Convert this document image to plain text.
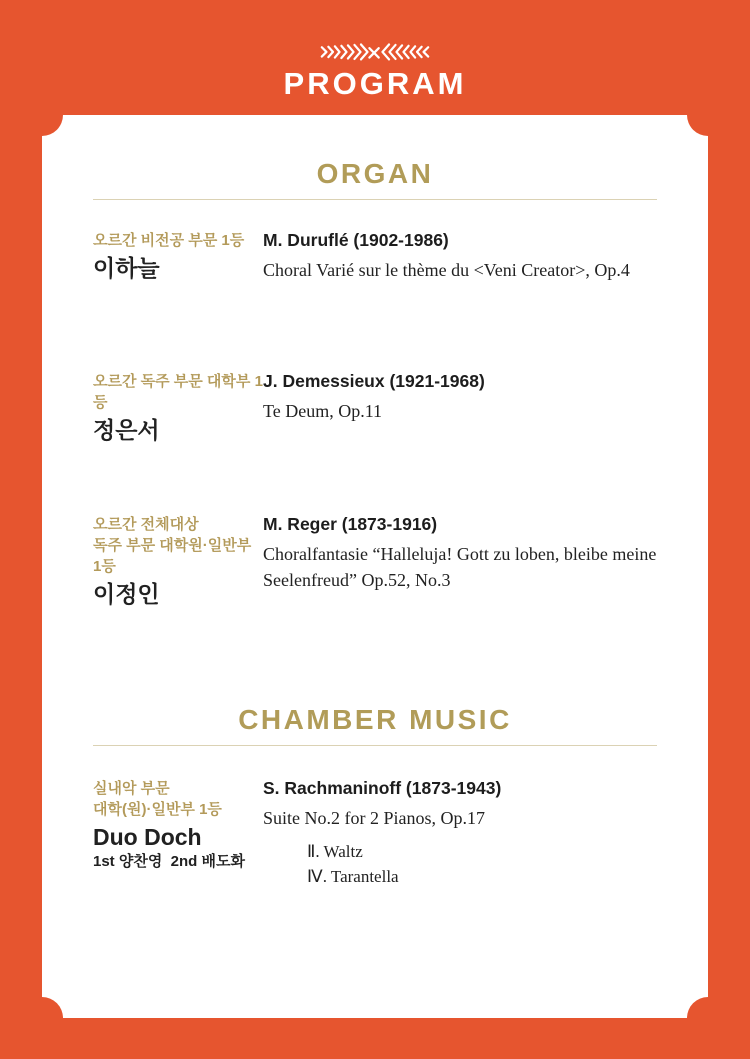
PROGRAM
ORGAN
오르간 비전공 부문 1등
이하늘
M. Duruflé (1902-1986)
Choral Varié sur le thème du <Veni Creator>, Op.4
오르간 독주 부문 대학부 1등
정은서
J. Demessieux (1921-1968)
Te Deum, Op.11
오르간 전체대상
독주 부문 대학원·일반부 1등
이정인
M. Reger (1873-1916)
Choralfantasie “Halleluja! Gott zu loben, bleibe meine
Seelenfreud” Op.52, No.3
CHAMBER MUSIC
실내악 부문
대학(원)·일반부 1등
Duo Doch
1st 양찬영  2nd 배도화
S. Rachmaninoff (1873-1943)
Suite No.2 for 2 Pianos, Op.17
Ⅱ. Waltz
Ⅳ. Tarantella
